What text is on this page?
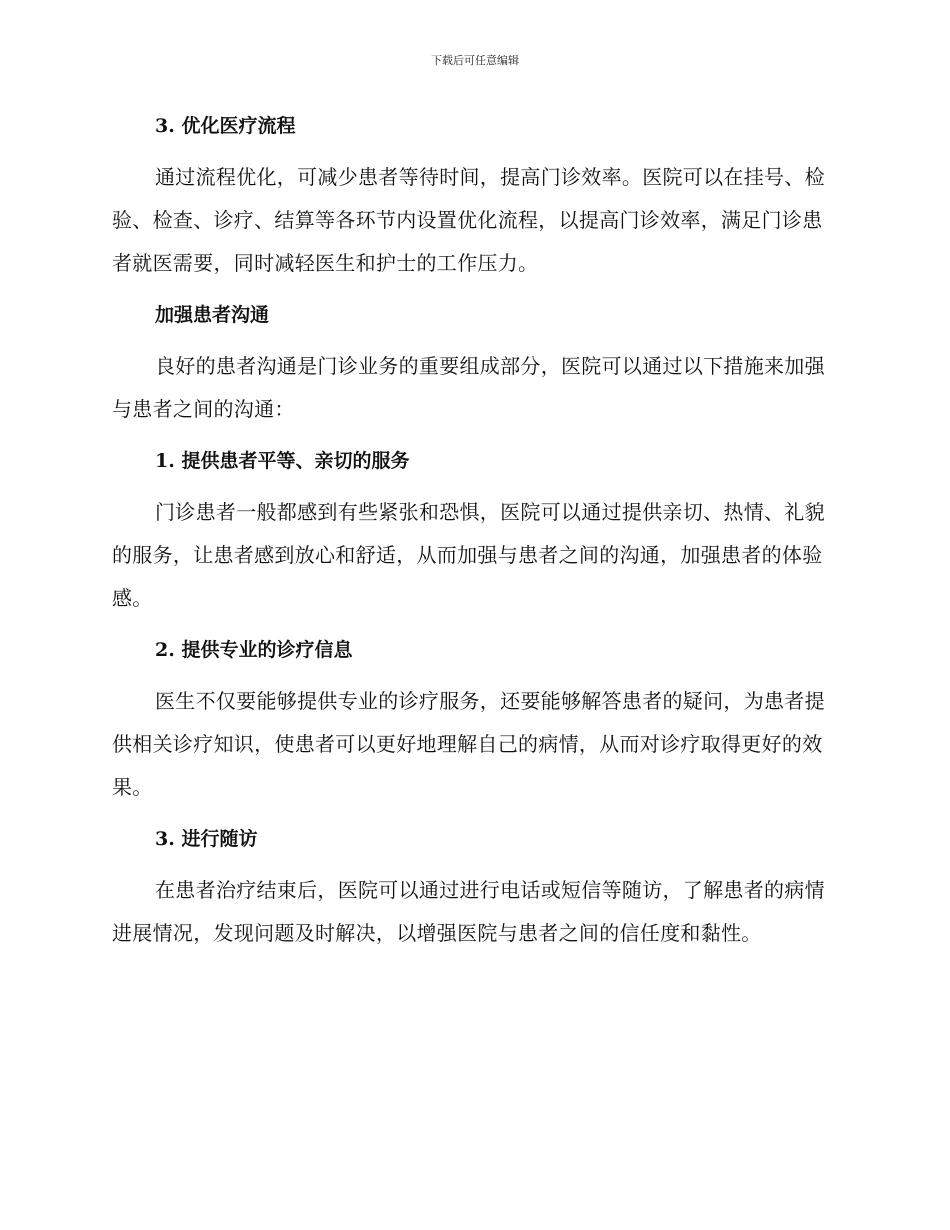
下载后可任意编辑
3. 优化医疗流程

通过流程优化，可减少患者等待时间，提高门诊效率。医院可以在挂号、检验、检查、诊疗、结算等各环节内设置优化流程，以提高门诊效率，满足门诊患者就医需要，同时减轻医生和护士的工作压力。

加强患者沟通

良好的患者沟通是门诊业务的重要组成部分，医院可以通过以下措施来加强与患者之间的沟通：

1. 提供患者平等、亲切的服务

门诊患者一般都感到有些紧张和恐惧，医院可以通过提供亲切、热情、礼貌的服务，让患者感到放心和舒适，从而加强与患者之间的沟通，加强患者的体验感。

2. 提供专业的诊疗信息

医生不仅要能够提供专业的诊疗服务，还要能够解答患者的疑问，为患者提供相关诊疗知识，使患者可以更好地理解自己的病情，从而对诊疗取得更好的效果。

3. 进行随访

在患者治疗结束后，医院可以通过进行电话或短信等随访，了解患者的病情进展情况，发现问题及时解决，以增强医院与患者之间的信任度和黏性。
